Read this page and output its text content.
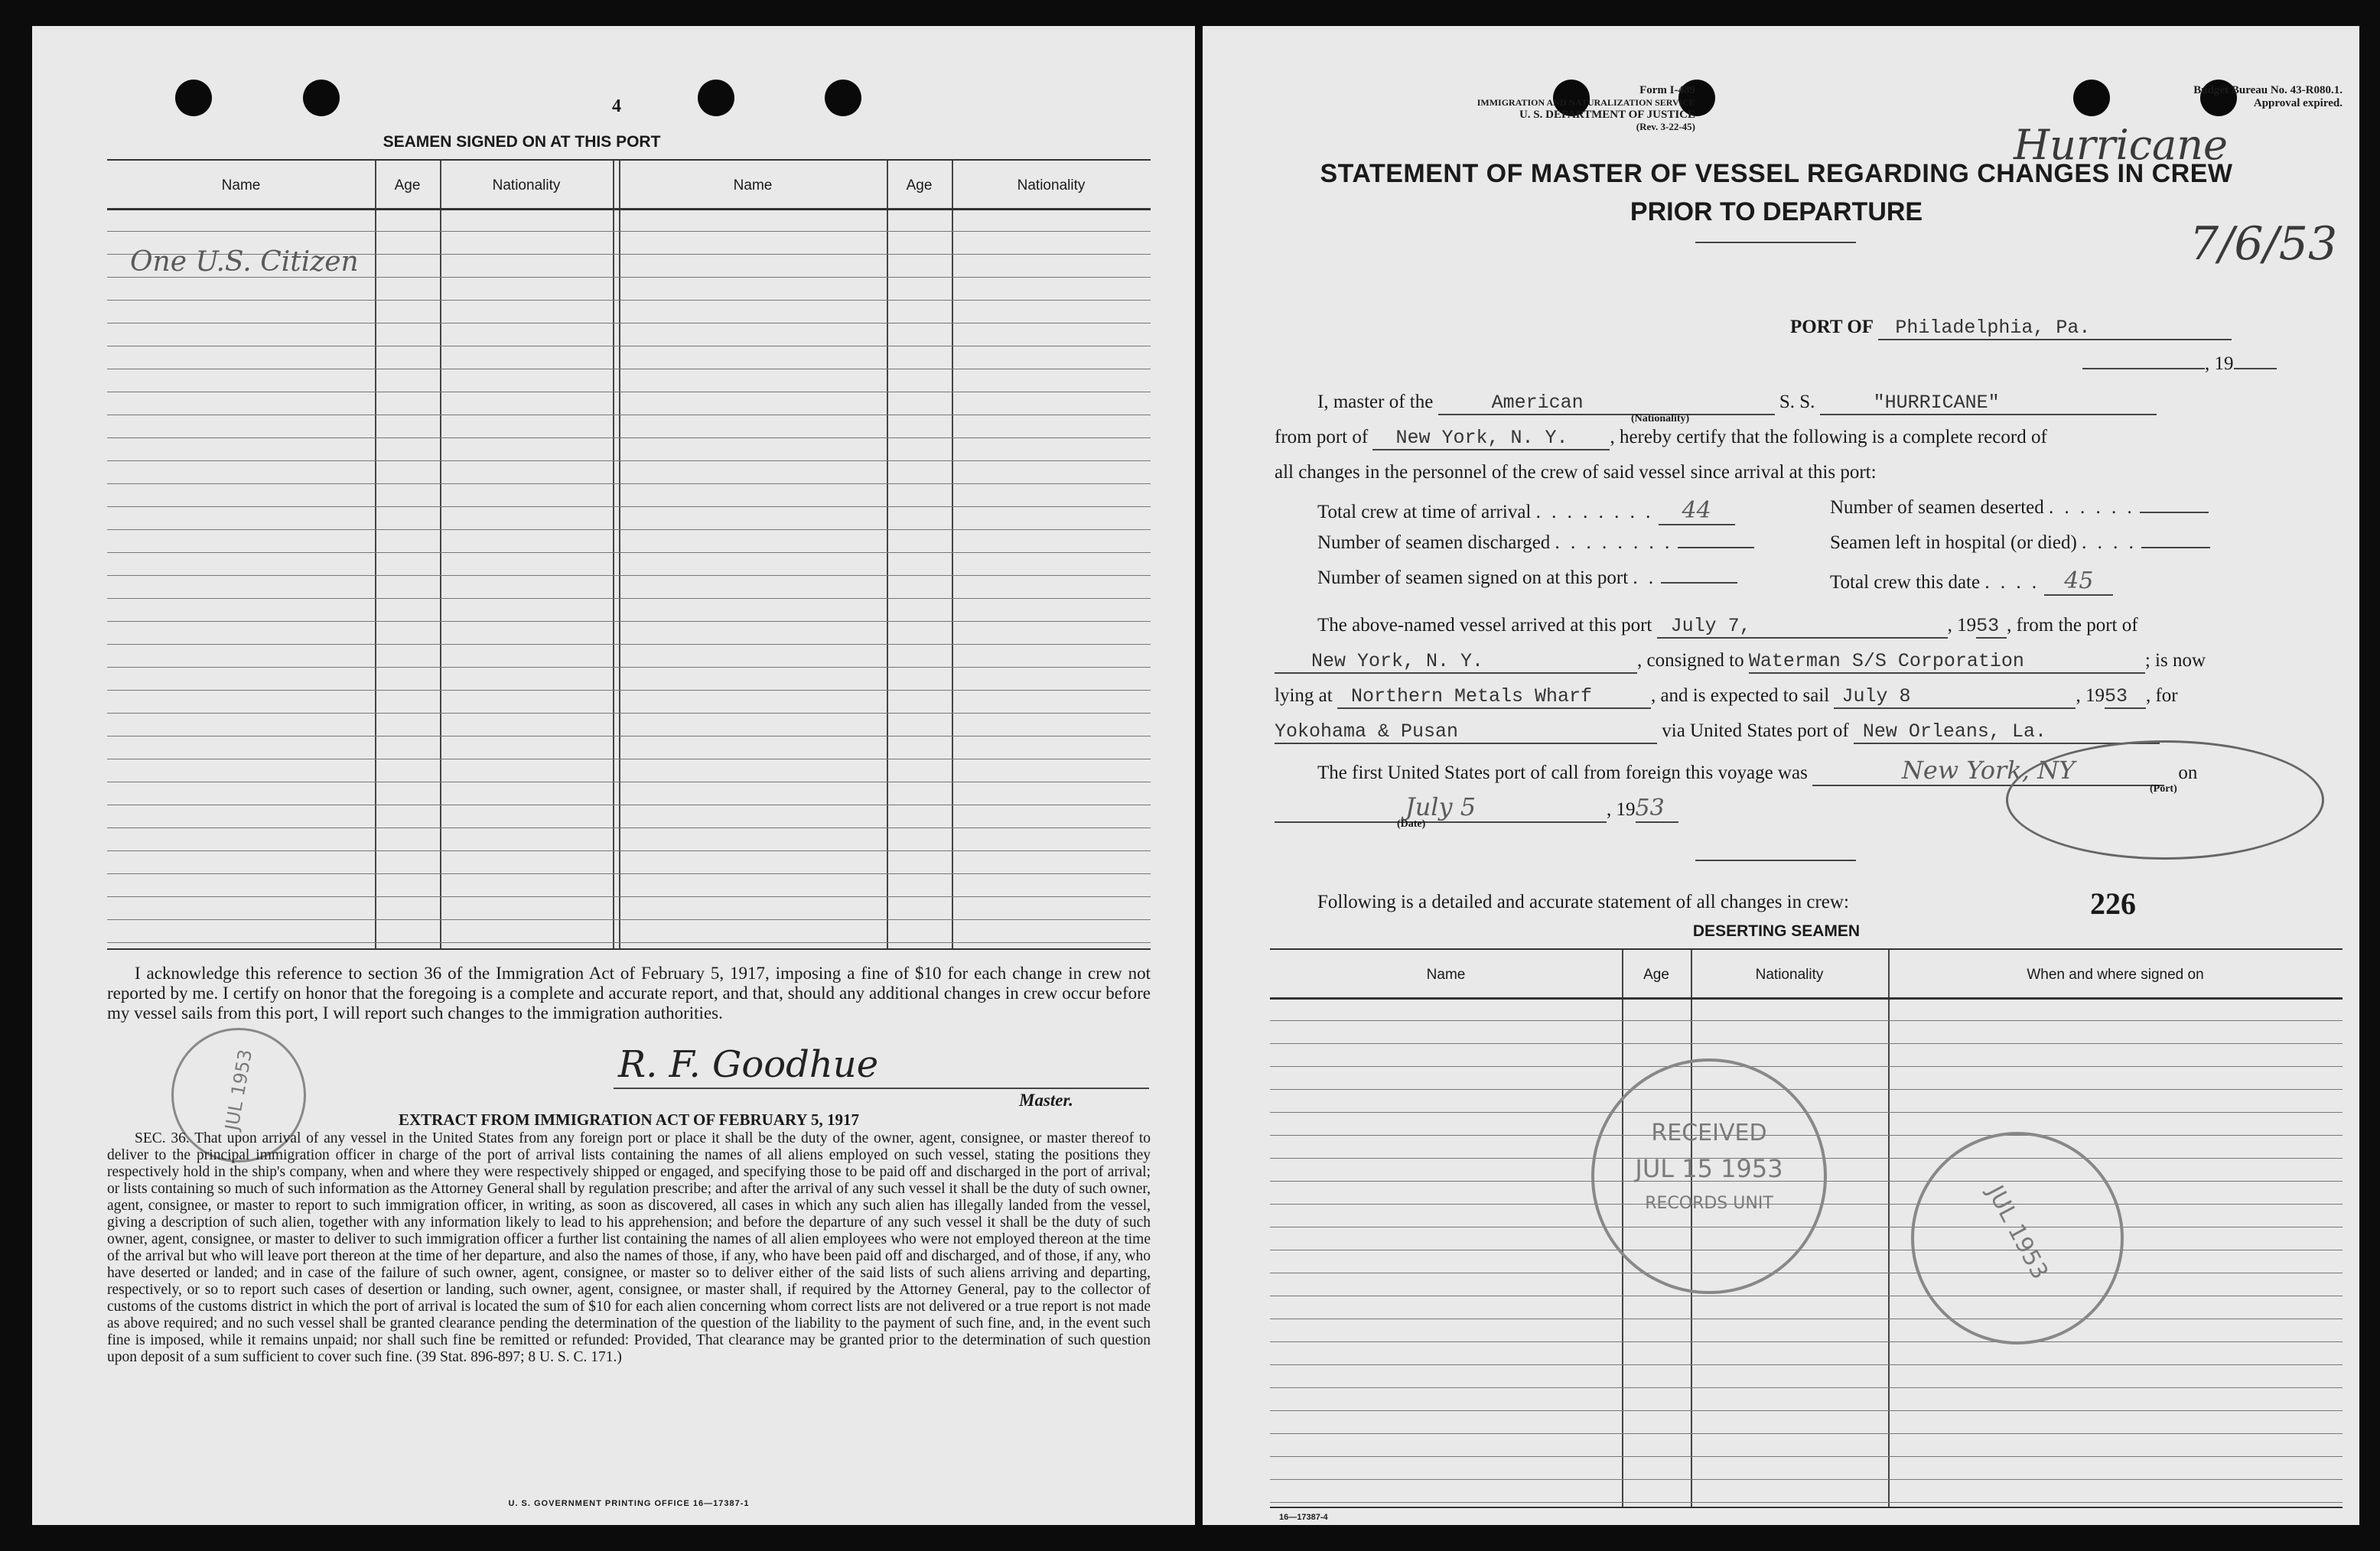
4
SEAMEN SIGNED ON AT THIS PORT
Name	Age	Nationality	Name	Age	Nationality
One U.S. Citizen
I acknowledge this reference to section 36 of the Immigration Act of February 5, 1917, imposing a fine of $10 for each change in crew not reported by me. I certify on honor that the foregoing is a complete and accurate report, and that, should any additional changes in crew occur before my vessel sails from this port, I will report such changes to the immigration authorities.
JUL 1953	R. F. Goodhue
Master.
EXTRACT FROM IMMIGRATION ACT OF FEBRUARY 5, 1917
SEC. 36. That upon arrival of any vessel in the United States from any foreign port or place it shall be the duty of the owner, agent, consignee, or master thereof to deliver to the principal immigration officer in charge of the port of arrival lists containing the names of all aliens employed on such vessel, stating the positions they respectively hold in the ship's company, when and where they were respectively shipped or engaged, and specifying those to be paid off and discharged in the port of arrival; or lists containing so much of such information as the Attorney General shall by regulation prescribe; and after the arrival of any such vessel it shall be the duty of such owner, agent, consignee, or master to report to such immigration officer, in writing, as soon as discovered, all cases in which any such alien has illegally landed from the vessel, giving a description of such alien, together with any information likely to lead to his apprehension; and before the departure of any such vessel it shall be the duty of such owner, agent, consignee, or master to deliver to such immigration officer a further list containing the names of all alien employees who were not employed thereon at the time of the arrival but who will leave port thereon at the time of her departure, and also the names of those, if any, who have been paid off and discharged, and of those, if any, who have deserted or landed; and in case of the failure of such owner, agent, consignee, or master so to deliver either of the said lists of such aliens arriving and departing, respectively, or so to report such cases of desertion or landing, such owner, agent, consignee, or master shall, if required by the Attorney General, pay to the collector of customs of the customs district in which the port of arrival is located the sum of $10 for each alien concerning whom correct lists are not delivered or a true report is not made as above required; and no such vessel shall be granted clearance pending the determination of the question of the liability to the payment of such fine, and, in the event such fine is imposed, while it remains unpaid; nor shall such fine be remitted or refunded: Provided, That clearance may be granted prior to the determination of such question upon deposit of a sum sufficient to cover such fine. (39 Stat. 896-897; 8 U. S. C. 171.)
U. S. GOVERNMENT PRINTING OFFICE 16—17387-1
Form I-489
IMMIGRATION AND NATURALIZATION SERVICE
U. S. DEPARTMENT OF JUSTICE
(Rev. 3-22-45)
Budget Bureau No. 43-R080.1.
Approval expired.
Hurricane
7/6/53
STATEMENT OF MASTER OF VESSEL REGARDING CHANGES IN CREW
PRIOR TO DEPARTURE
PORT OF Philadelphia, Pa.
, 19
I, master of the	American	S. S.	"HURRICANE"
(Nationality)
from port of New York, N. Y. , hereby certify that the following is a complete record of
all changes in the personnel of the crew of said vessel since arrival at this port:
Total crew at time of arrival . . . . . . . . 44	Number of seamen deserted . . . . . .
Number of seamen discharged . . . . . . . .	Seamen left in hospital (or died) . . . .
Number of seamen signed on at this port . .	Total crew this date . . . . 45
The above-named vessel arrived at this port July 7,	, 1953 , from the port of
New York, N. Y.	, consigned to Waterman S/S Corporation	; is now
lying at Northern Metals Wharf	, and is expected to sail July 8	, 1953 , for
Yokohama & Pusan	via United States port of New Orleans, La.
The first United States port of call from foreign this voyage was	New York, NY	on
(Port)
July 5	, 1953
(Date)
Following is a detailed and accurate statement of all changes in crew:	226
DESERTING SEAMEN
Name	Age	Nationality	When and where signed on
RECEIVED
JUL 15 1953
RECORDS UNIT	JUL 1953
16—17387-4
